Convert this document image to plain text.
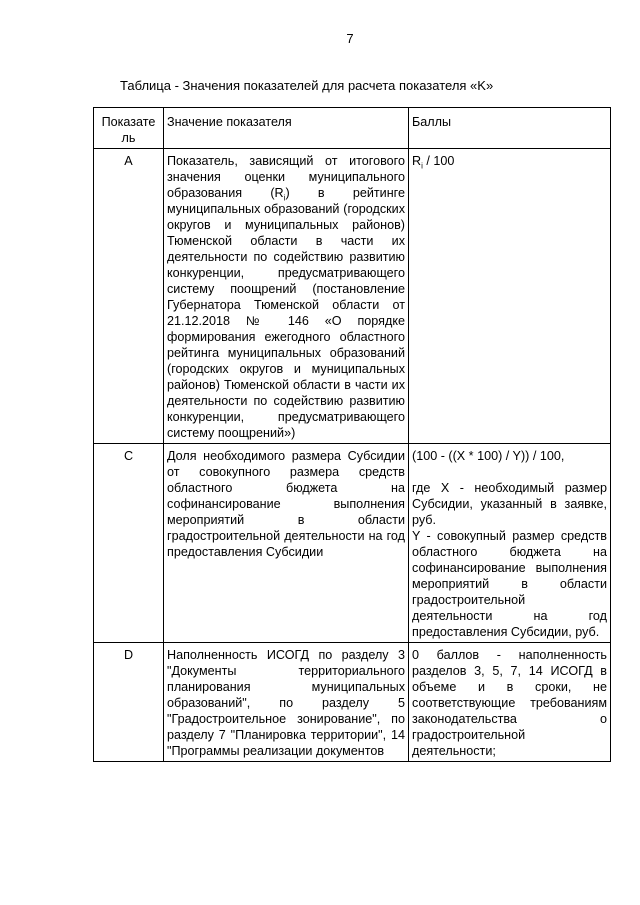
7
Таблица - Значения показателей для расчета показателя «K»
Показате ль	Значение показателя	Баллы
A	Показатель, зависящий от итогового значения оценки муниципального образования $(R_i)$ в рейтинге муниципальных образований (городских округов и муниципальных районов) Тюменской области в части их деятельности по содействию развитию конкуренции, предусматривающего систему поощрений (постановление Губернатора Тюменской области от 21.12.2018 № 146 «О порядке формирования ежегодного областного рейтинга муниципальных образований (городских округов и муниципальных районов) Тюменской области в части их деятельности по содействию развитию конкуренции, предусматривающего систему поощрений»)	$R_i / 100$
C	Доля необходимого размера Субсидии от совокупного размера средств областного бюджета на софинансирование выполнения мероприятий в области градостроительной деятельности на год предоставления Субсидии	(100 - ((X * 100) / Y)) / 100,
где X - необходимый размер Субсидии, указанный в заявке, руб.
Y - совокупный размер средств областного бюджета на софинансирование выполнения мероприятий в области градостроительной деятельности на год предоставления Субсидии, руб.

D	Наполненность ИСОГД по разделу 3 "Документы территориального планирования муниципальных образований", по разделу 5 "Градостроительное зонирование", по разделу 7 "Планировка территории", 14 "Программы реализации документов	0 баллов - наполненность разделов 3, 5, 7, 14 ИСОГД в объеме и в сроки, не соответствующие требованиям законодательства о градостроительной деятельности;
